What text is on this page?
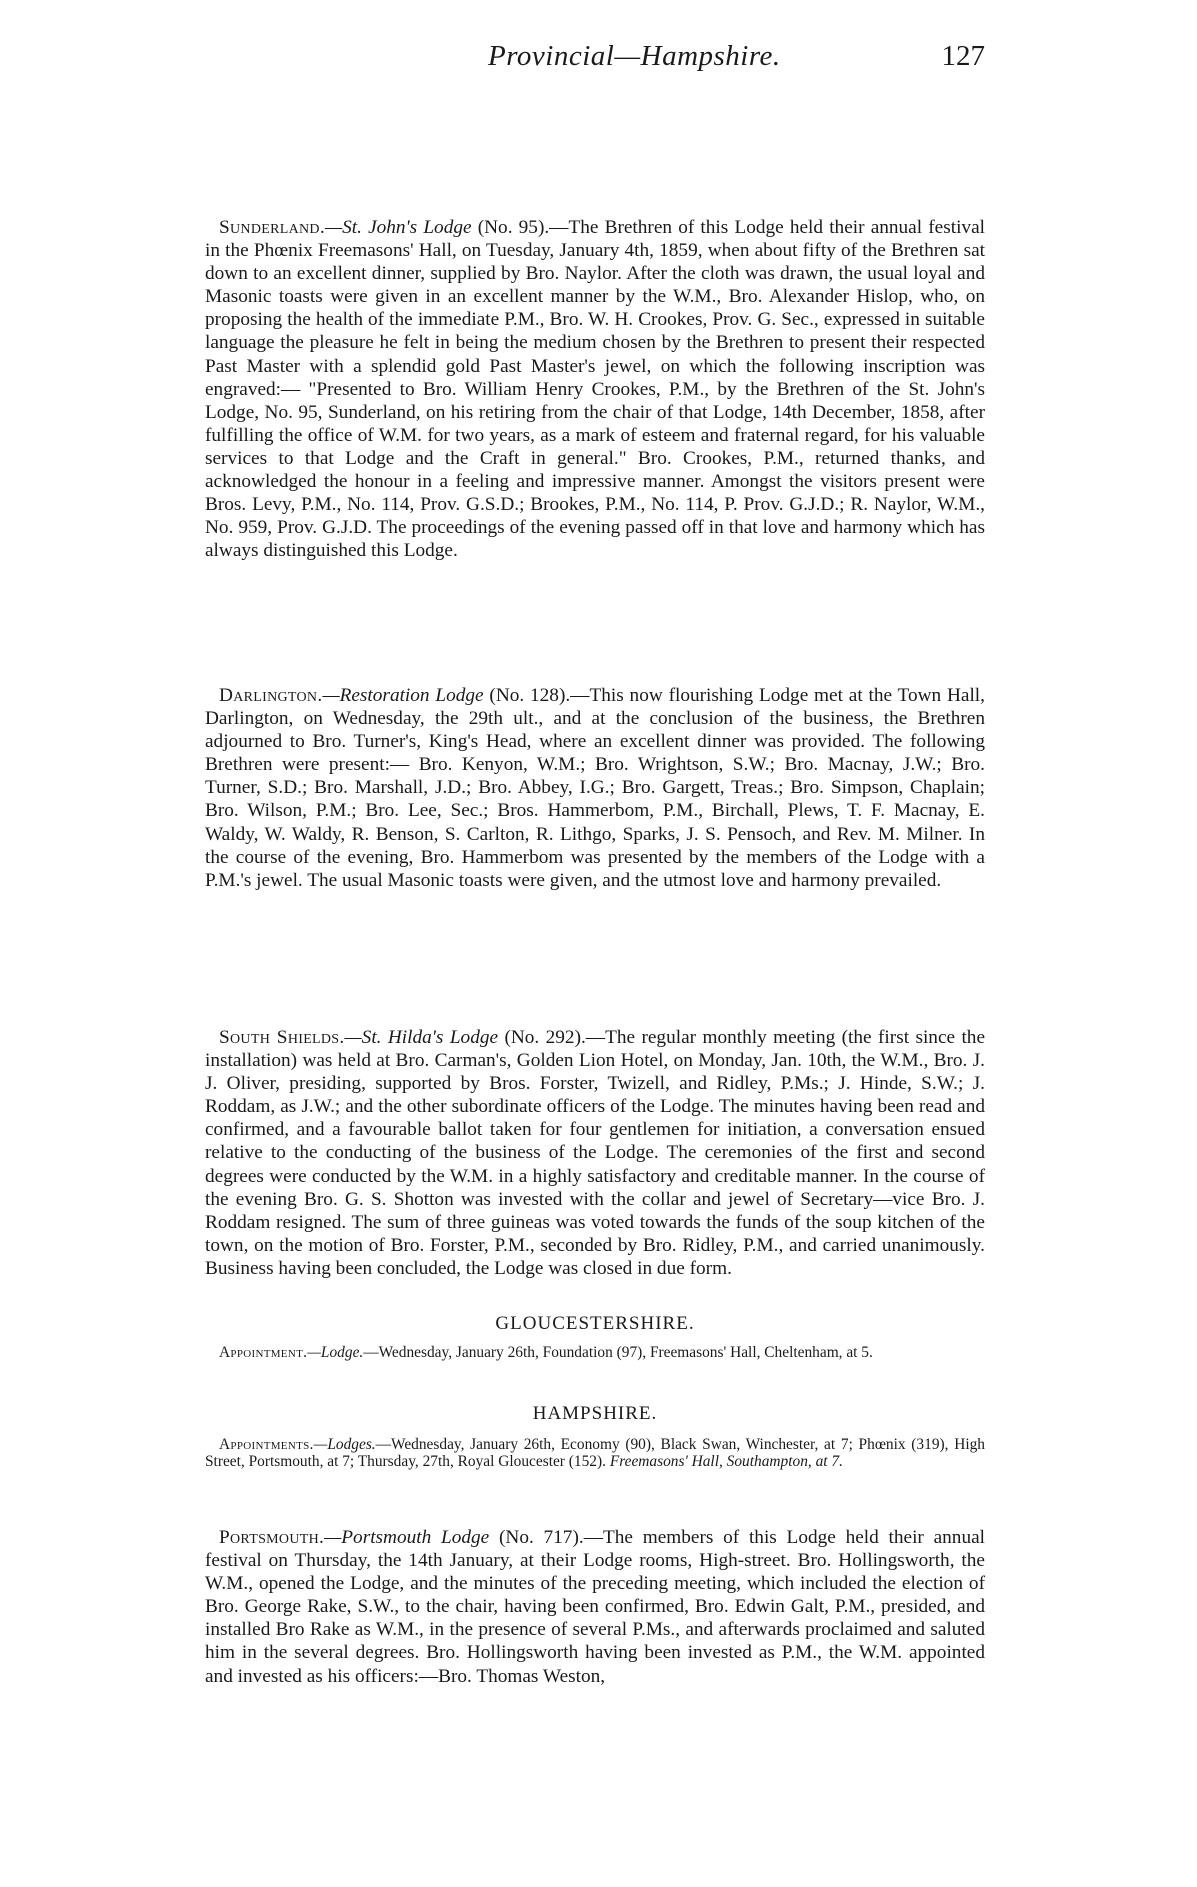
Provincial—Hampshire.	127

Sunderland.—St. John's Lodge (No. 95).—The Brethren of this Lodge held their annual festival in the Phœnix Freemasons' Hall, on Tuesday, January 4th, 1859, when about fifty of the Brethren sat down to an excellent dinner, supplied by Bro. Naylor. After the cloth was drawn, the usual loyal and Masonic toasts were given in an excellent manner by the W.M., Bro. Alexander Hislop, who, on proposing the health of the immediate P.M., Bro. W. H. Crookes, Prov. G. Sec., expressed in suitable language the pleasure he felt in being the medium chosen by the Brethren to present their respected Past Master with a splendid gold Past Master's jewel, on which the following inscription was engraved:— "Presented to Bro. William Henry Crookes, P.M., by the Brethren of the St. John's Lodge, No. 95, Sunderland, on his retiring from the chair of that Lodge, 14th December, 1858, after fulfilling the office of W.M. for two years, as a mark of esteem and fraternal regard, for his valuable services to that Lodge and the Craft in general." Bro. Crookes, P.M., returned thanks, and acknowledged the honour in a feeling and impressive manner. Amongst the visitors present were Bros. Levy, P.M., No. 114, Prov. G.S.D.; Brookes, P.M., No. 114, P. Prov. G.J.D.; R. Naylor, W.M., No. 959, Prov. G.J.D. The proceedings of the evening passed off in that love and harmony which has always distinguished this Lodge.

Darlington.—Restoration Lodge (No. 128).—This now flourishing Lodge met at the Town Hall, Darlington, on Wednesday, the 29th ult., and at the conclusion of the business, the Brethren adjourned to Bro. Turner's, King's Head, where an excellent dinner was provided. The following Brethren were present:— Bro. Kenyon, W.M.; Bro. Wrightson, S.W.; Bro. Macnay, J.W.; Bro. Turner, S.D.; Bro. Marshall, J.D.; Bro. Abbey, I.G.; Bro. Gargett, Treas.; Bro. Simpson, Chaplain; Bro. Wilson, P.M.; Bro. Lee, Sec.; Bros. Hammerbom, P.M., Birchall, Plews, T. F. Macnay, E. Waldy, W. Waldy, R. Benson, S. Carlton, R. Lithgo, Sparks, J. S. Pensoch, and Rev. M. Milner. In the course of the evening, Bro. Hammerbom was presented by the members of the Lodge with a P.M.'s jewel. The usual Masonic toasts were given, and the utmost love and harmony prevailed.

South Shields.—St. Hilda's Lodge (No. 292).—The regular monthly meeting (the first since the installation) was held at Bro. Carman's, Golden Lion Hotel, on Monday, Jan. 10th, the W.M., Bro. J. J. Oliver, presiding, supported by Bros. Forster, Twizell, and Ridley, P.Ms.; J. Hinde, S.W.; J. Roddam, as J.W.; and the other subordinate officers of the Lodge. The minutes having been read and confirmed, and a favourable ballot taken for four gentlemen for initiation, a conversation ensued relative to the conducting of the business of the Lodge. The ceremonies of the first and second degrees were conducted by the W.M. in a highly satisfactory and creditable manner. In the course of the evening Bro. G. S. Shotton was invested with the collar and jewel of Secretary—vice Bro. J. Roddam resigned. The sum of three guineas was voted towards the funds of the soup kitchen of the town, on the motion of Bro. Forster, P.M., seconded by Bro. Ridley, P.M., and carried unanimously. Business having been concluded, the Lodge was closed in due form.

GLOUCESTERSHIRE.

Appointment.—Lodge.—Wednesday, January 26th, Foundation (97), Freemasons' Hall, Cheltenham, at 5.

HAMPSHIRE.

Appointments.—Lodges.—Wednesday, January 26th, Economy (90), Black Swan, Winchester, at 7; Phœnix (319), High Street, Portsmouth, at 7; Thursday, 27th, Royal Gloucester (152). Freemasons' Hall, Southampton, at 7.

Portsmouth.—Portsmouth Lodge (No. 717).—The members of this Lodge held their annual festival on Thursday, the 14th January, at their Lodge rooms, High-street. Bro. Hollingsworth, the W.M., opened the Lodge, and the minutes of the preceding meeting, which included the election of Bro. George Rake, S.W., to the chair, having been confirmed, Bro. Edwin Galt, P.M., presided, and installed Bro Rake as W.M., in the presence of several P.Ms., and afterwards proclaimed and saluted him in the several degrees. Bro. Hollingsworth having been invested as P.M., the W.M. appointed and invested as his officers:—Bro. Thomas Weston,
